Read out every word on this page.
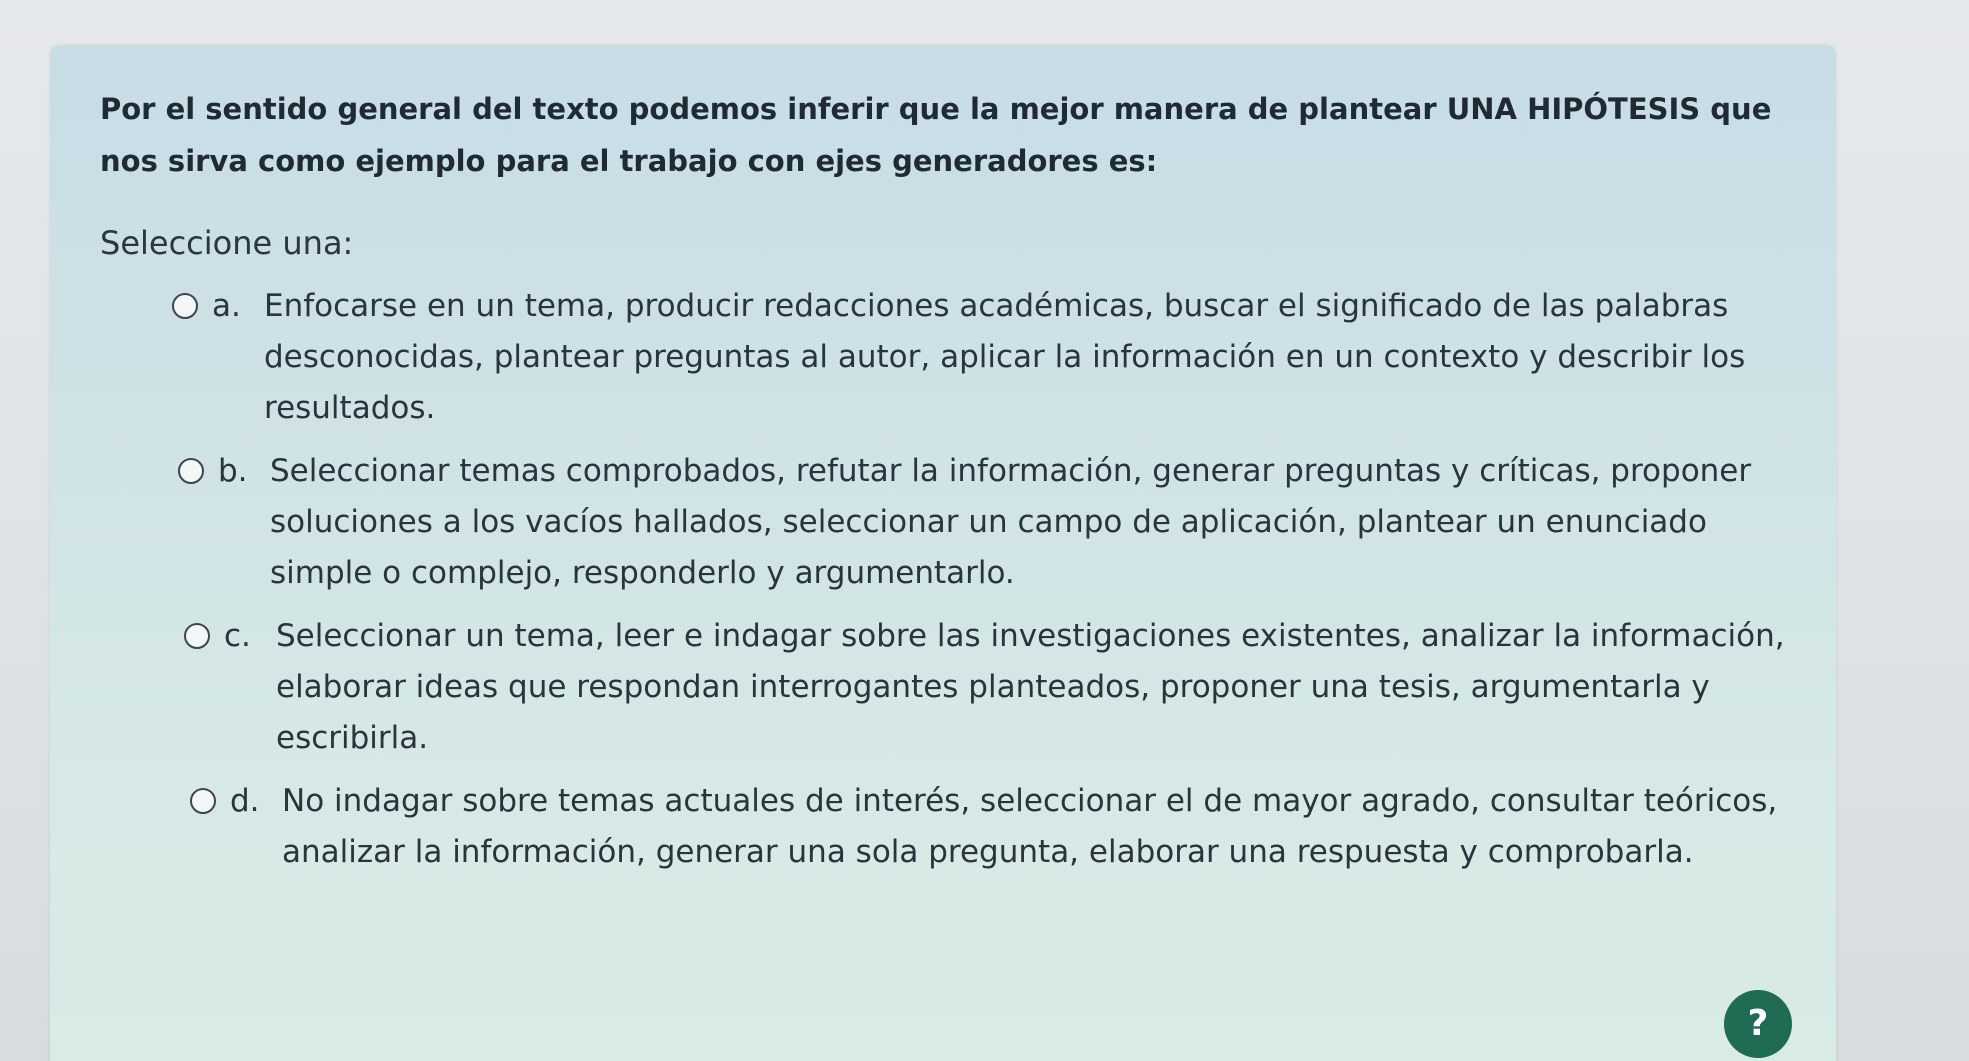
Por el sentido general del texto podemos inferir que la mejor manera de plantear UNA HIPÓTESIS que nos sirva como ejemplo para el trabajo con ejes generadores es:

Seleccione una:
a. Enfocarse en un tema, producir redacciones académicas, buscar el significado de las palabras desconocidas, plantear preguntas al autor, aplicar la información en un contexto y describir los resultados.
b. Seleccionar temas comprobados, refutar la información, generar preguntas y críticas, proponer soluciones a los vacíos hallados, seleccionar un campo de aplicación, plantear un enunciado simple o complejo, responderlo y argumentarlo.
c. Seleccionar un tema, leer e indagar sobre las investigaciones existentes, analizar la información, elaborar ideas que respondan interrogantes planteados, proponer una tesis, argumentarla y escribirla.
d. No indagar sobre temas actuales de interés, seleccionar el de mayor agrado, consultar teóricos, analizar la información, generar una sola pregunta, elaborar una respuesta y comprobarla.
?
